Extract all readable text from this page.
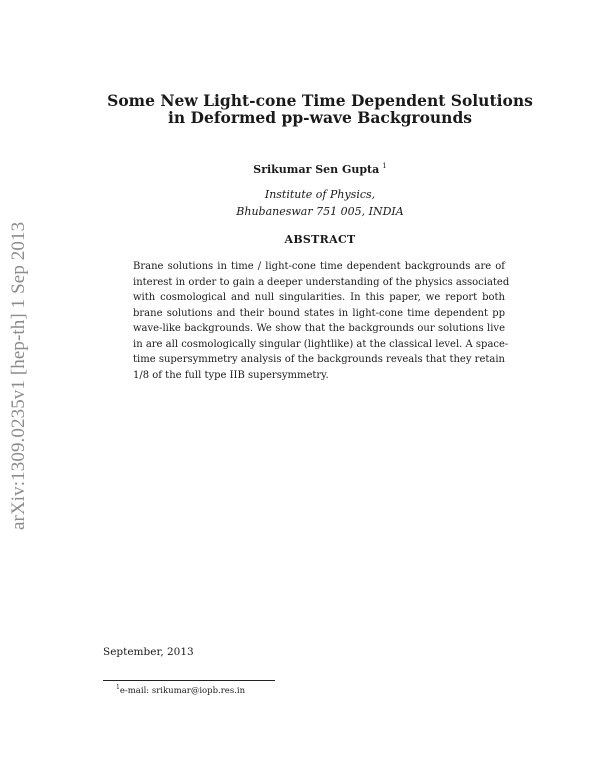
arXiv:1309.0235v1 [hep-th] 1 Sep 2013
Some New Light-cone Time Dependent Solutions
in Deformed pp-wave Backgrounds
Srikumar Sen Gupta $^1$
Institute of Physics,
Bhubaneswar 751 005, INDIA
ABSTRACT
Brane solutions in time / light-cone time dependent backgrounds are of
interest in order to gain a deeper understanding of the physics associated
with cosmological and null singularities. In this paper, we report both
brane solutions and their bound states in light-cone time dependent pp
wave-like backgrounds. We show that the backgrounds our solutions live
in are all cosmologically singular (lightlike) at the classical level. A space-
time supersymmetry analysis of the backgrounds reveals that they retain
1/8 of the full type IIB supersymmetry.
September, 2013
$^1$e-mail: srikumar@iopb.res.in
